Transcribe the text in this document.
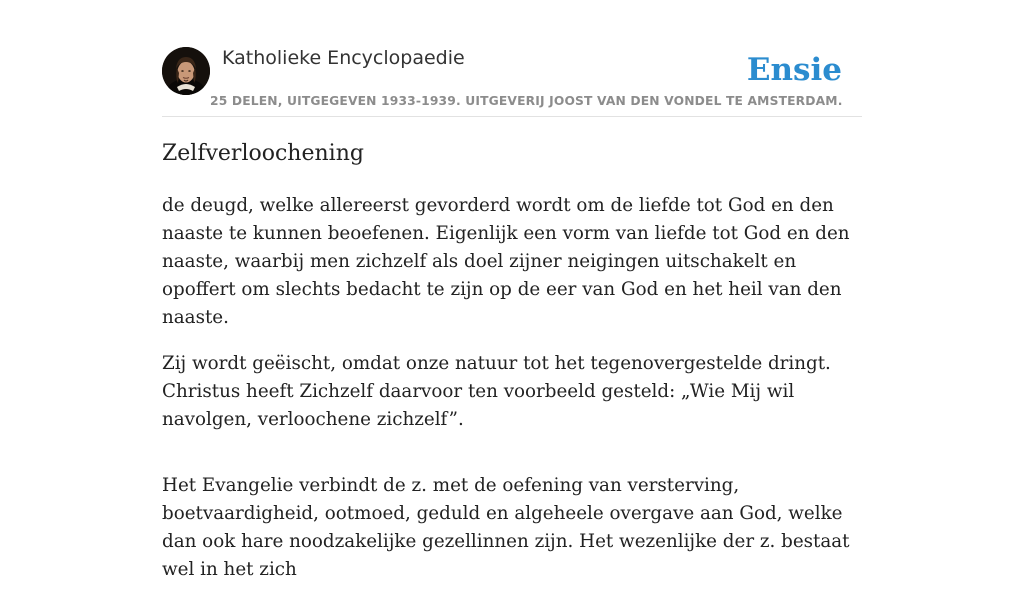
Katholieke Encyclopaedie	Ensie
25 DELEN, UITGEGEVEN 1933-1939. UITGEVERIJ JOOST VAN DEN VONDEL TE AMSTERDAM.
Zelfverloochening

de deugd, welke allereerst gevorderd wordt om de liefde tot God en den naaste te kunnen beoefenen. Eigenlijk een vorm van liefde tot God en den naaste, waarbij men zichzelf als doel zijner neigingen uitschakelt en opoffert om slechts bedacht te zijn op de eer van God en het heil van den naaste.

Zij wordt geëischt, omdat onze natuur tot het tegenovergestelde dringt. Christus heeft Zichzelf daarvoor ten voorbeeld gesteld: „Wie Mij wil navolgen, verloochene zichzelf”.

Het Evangelie verbindt de z. met de oefening van versterving, boetvaardigheid, ootmoed, geduld en algeheele overgave aan God, welke dan ook hare noodzakelijke gezellinnen zijn. Het wezenlijke der z. bestaat wel in het zich
